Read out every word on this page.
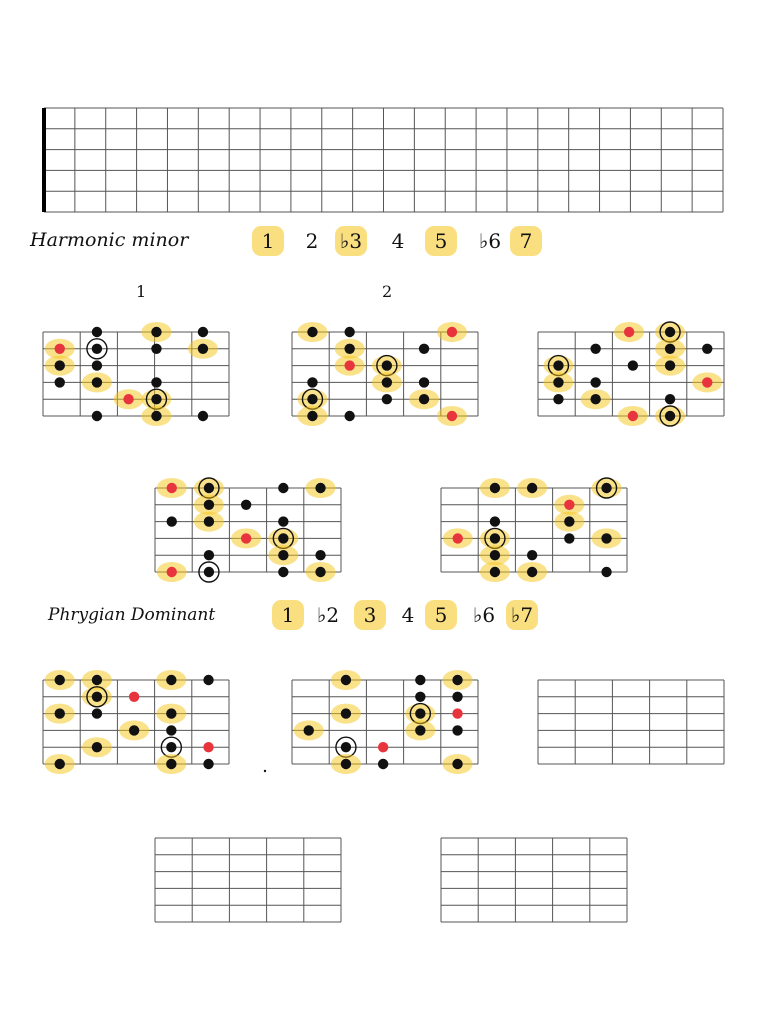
Harmonic minor	1 2 ♭3 4 5 ♭6 7
1	2
Phrygian Dominant	1 ♭2 3 4 5 ♭6 ♭7
